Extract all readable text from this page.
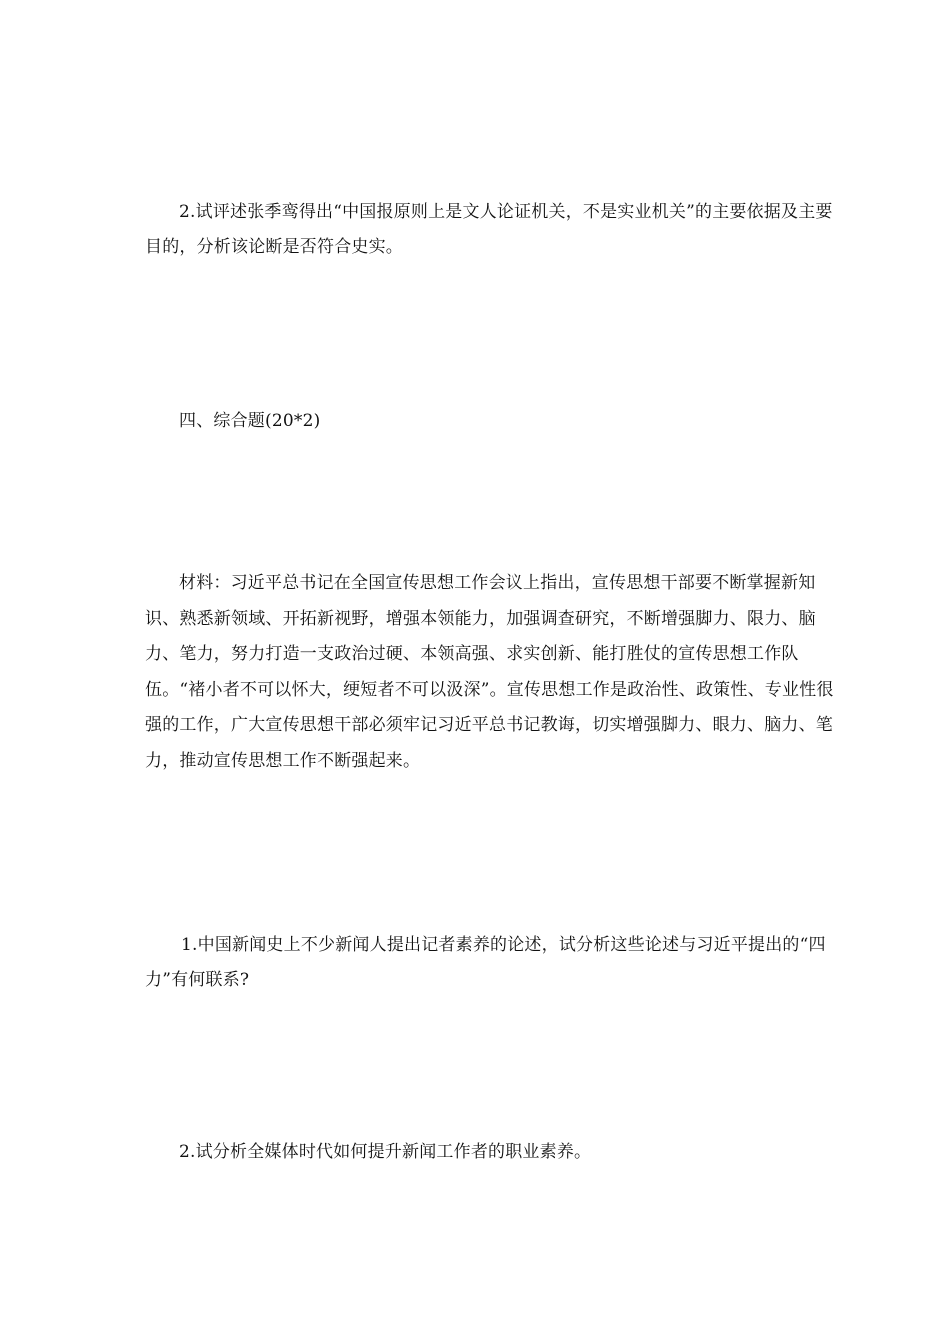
2.试评述张季鸾得出“中国报原则上是文人论证机关，不是实业机关”的主要依据及主要目的，分析该论断是否符合史实。

四、综合题(20*2)

材料：习近平总书记在全国宣传思想工作会议上指出，宣传思想干部要不断掌握新知识、熟悉新领域、开拓新视野，增强本领能力，加强调查研究，不断增强脚力、限力、脑力、笔力，努力打造一支政治过硬、本领高强、求实创新、能打胜仗的宣传思想工作队伍。“褚小者不可以怀大，绠短者不可以汲深”。宣传思想工作是政治性、政策性、专业性很强的工作，广大宣传思想干部必须牢记习近平总书记教诲，切实增强脚力、眼力、脑力、笔力，推动宣传思想工作不断强起来。

1.中国新闻史上不少新闻人提出记者素养的论述，试分析这些论述与习近平提出的“四力”有何联系?

2.试分析全媒体时代如何提升新闻工作者的职业素养。
